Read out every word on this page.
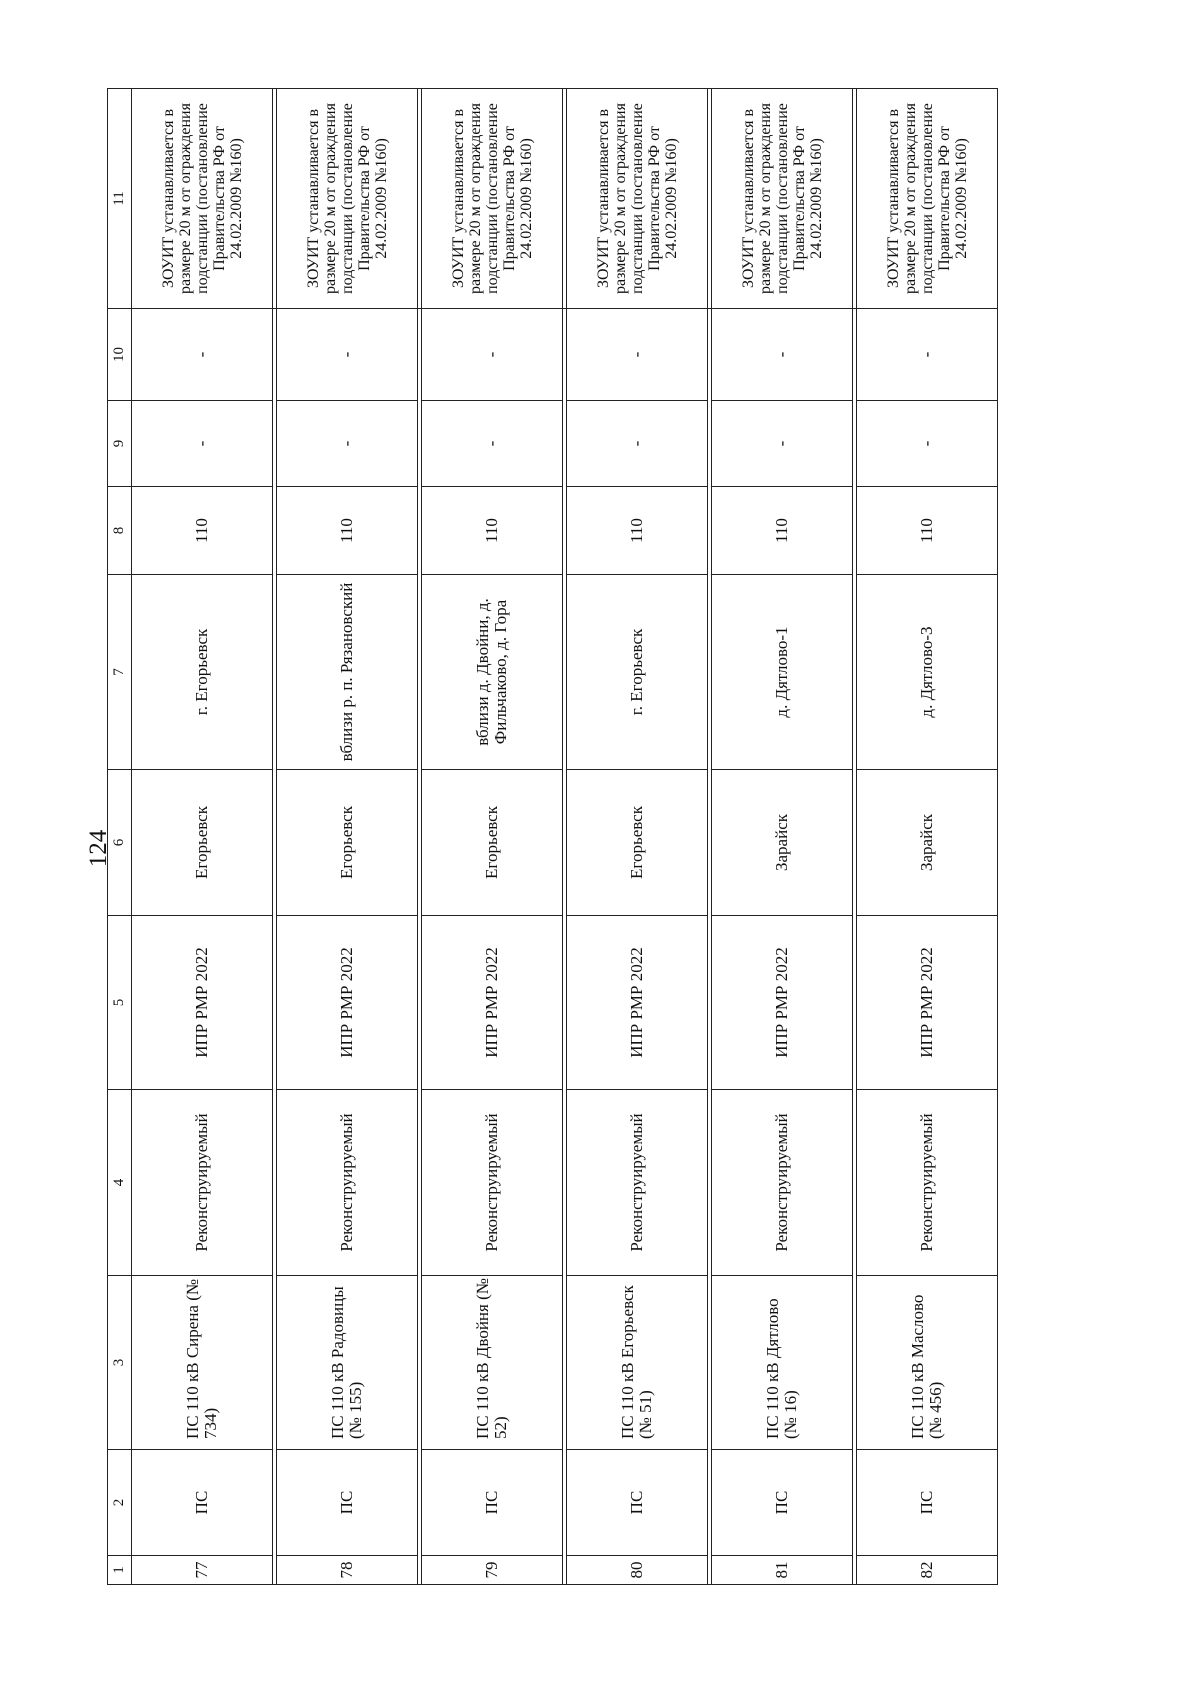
124
1	2	3	4	5	6	7	8	9	10	11
77	ПС	ПС 110 кВ Сирена (№ 734)	Реконструируемый	ИПР РМР 2022	Егорьевск	г. Егорьевск	110	-	-	ЗОУИТ устанавливается в размере 20 м от ограждения подстанции (постановление Правительства РФ от 24.02.2009 №160)

78	ПС	ПС 110 кВ Радовицы (№ 155)	Реконструируемый	ИПР РМР 2022	Егорьевск	вблизи р. п. Рязановский	110	-	-	ЗОУИТ устанавливается в размере 20 м от ограждения подстанции (постановление Правительства РФ от 24.02.2009 №160)

79	ПС	ПС 110 кВ Двойня (№ 52)	Реконструируемый	ИПР РМР 2022	Егорьевск	вблизи д. Двойни, д. Фильчаково, д. Гора	110	-	-	ЗОУИТ устанавливается в размере 20 м от ограждения подстанции (постановление Правительства РФ от 24.02.2009 №160)

80	ПС	ПС 110 кВ Егорьевск (№ 51)	Реконструируемый	ИПР РМР 2022	Егорьевск	г. Егорьевск	110	-	-	ЗОУИТ устанавливается в размере 20 м от ограждения подстанции (постановление Правительства РФ от 24.02.2009 №160)

81	ПС	ПС 110 кВ Дятлово (№ 16)	Реконструируемый	ИПР РМР 2022	Зарайск	д. Дятлово-1	110	-	-	ЗОУИТ устанавливается в размере 20 м от ограждения подстанции (постановление Правительства РФ от 24.02.2009 №160)

82	ПС	ПС 110 кВ Маслово (№ 456)	Реконструируемый	ИПР РМР 2022	Зарайск	д. Дятлово-3	110	-	-	ЗОУИТ устанавливается в размере 20 м от ограждения подстанции (постановление Правительства РФ от 24.02.2009 №160)
